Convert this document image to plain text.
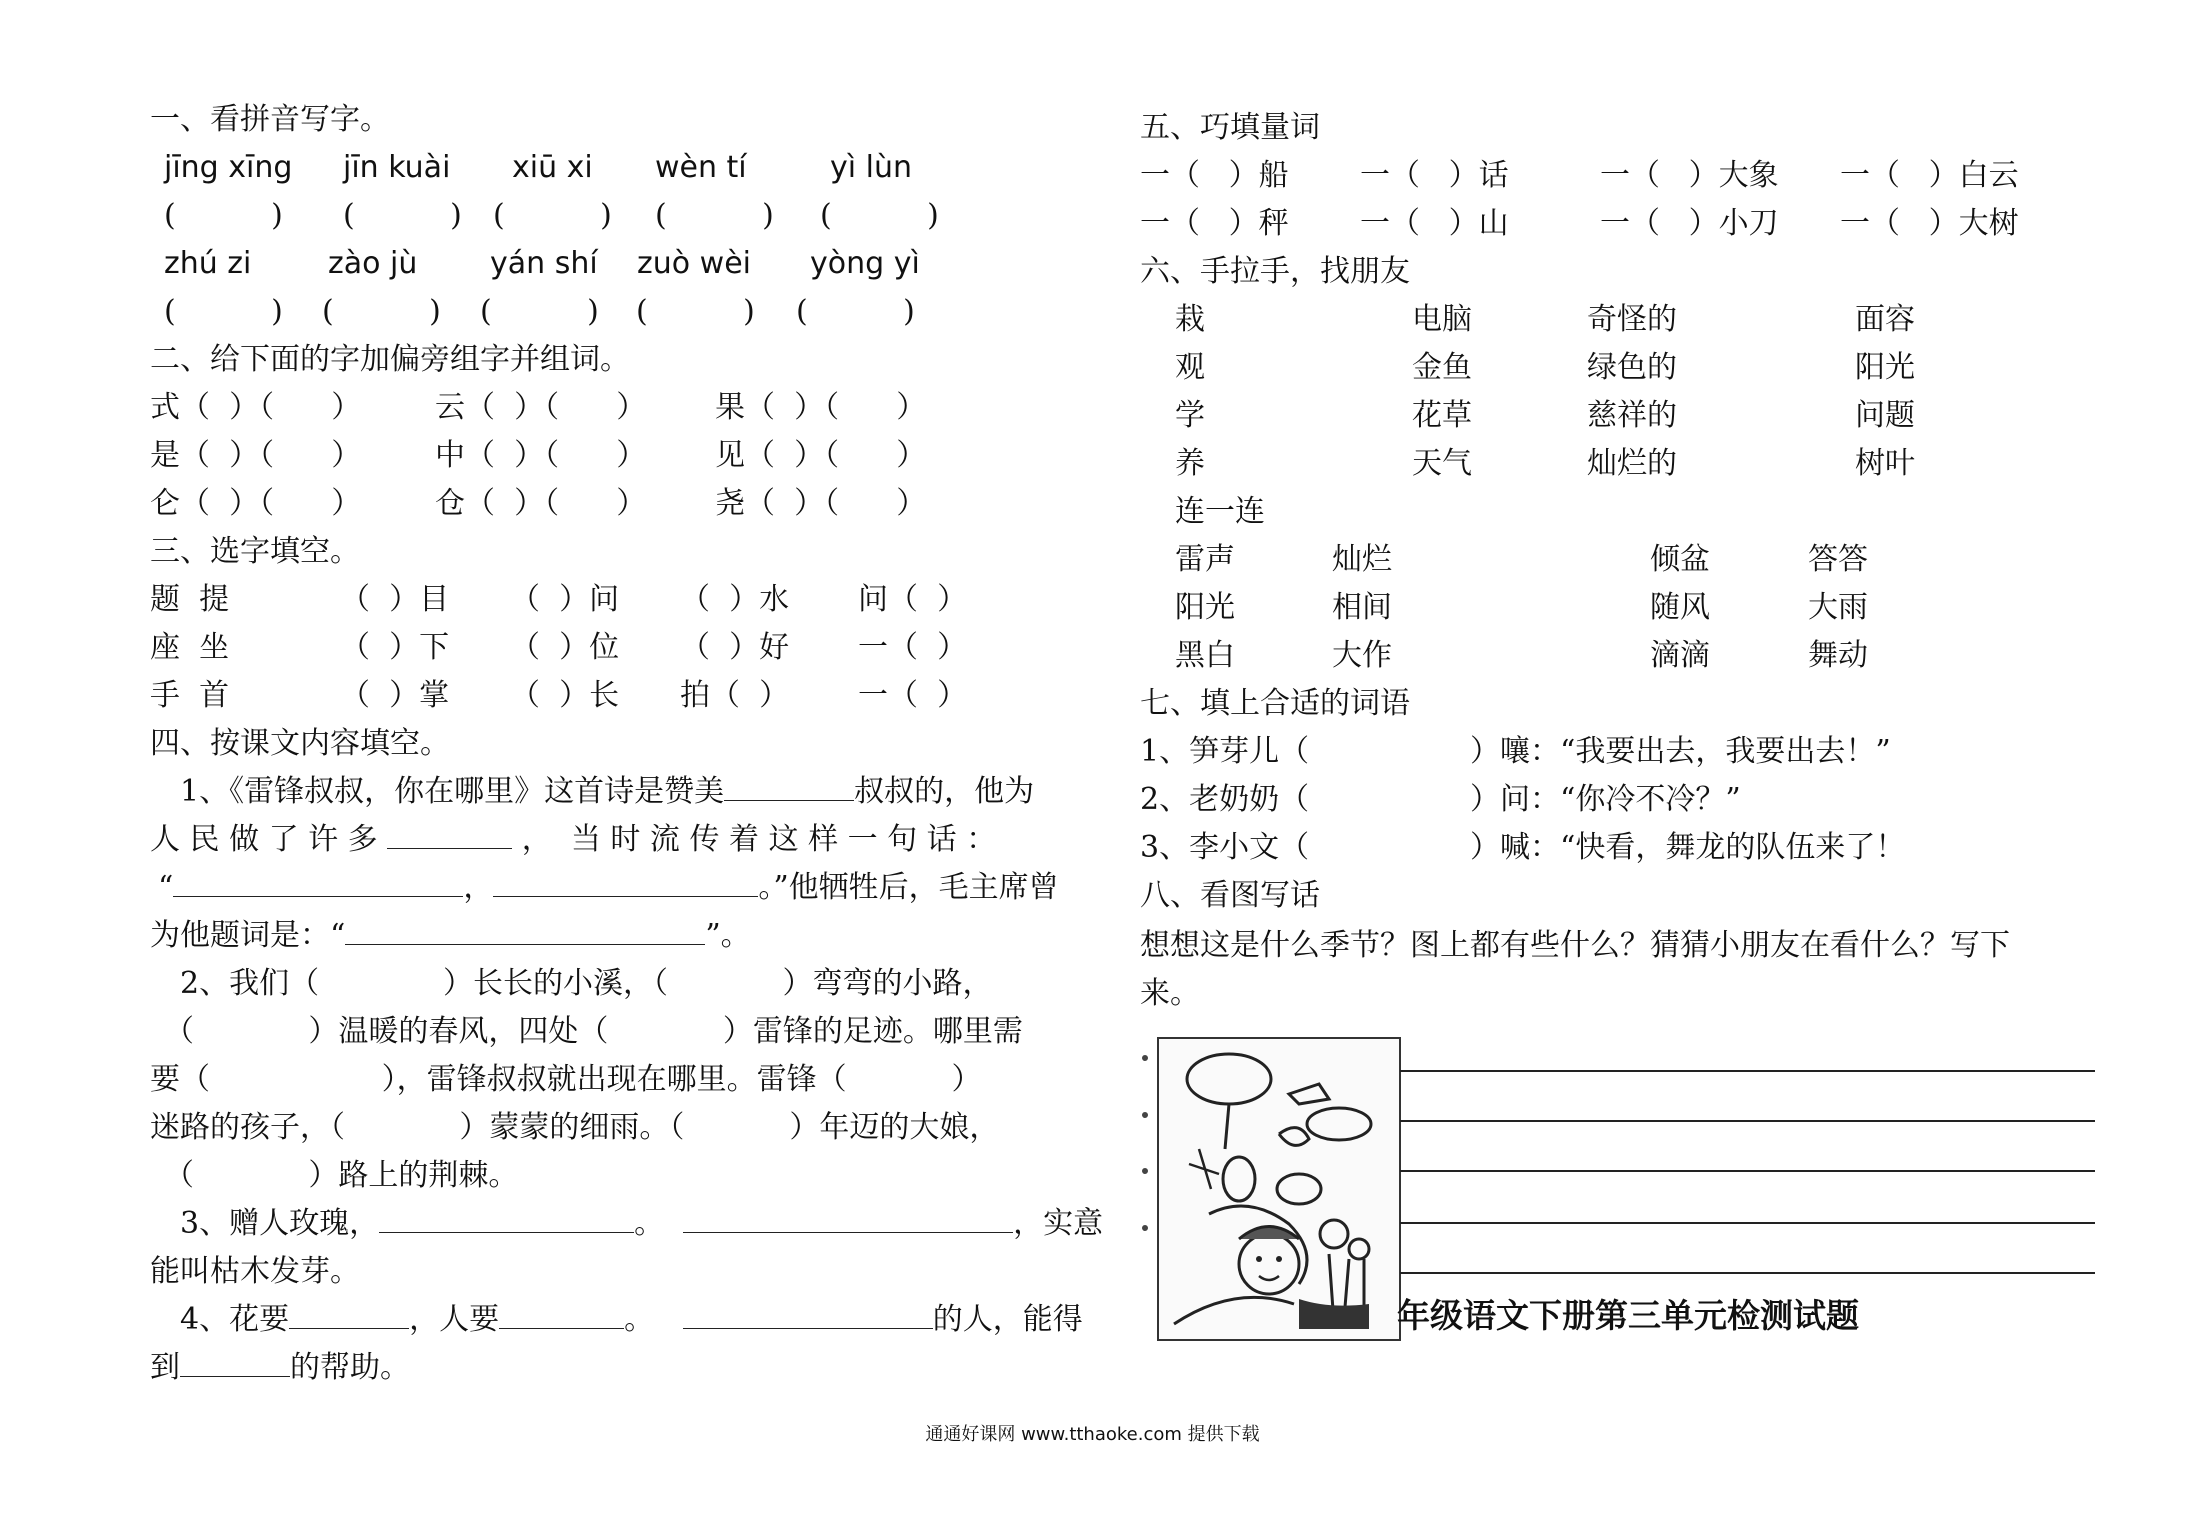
一、看拼音写字。
jīng xīng jīn kuài xiū xi wèn tí	yì lùn
(          ) (          ) (          ) (          ) (          )
zhú zi	zào jù yán shí zuò wèi yòng yì
(          ) (          ) (          ) (          ) (          )
二、给下面的字加偏旁组字并组词。
式（  ）（      ） 云（  ）（      ） 果（  ）（      ）
是（  ）（      ） 中（  ）（      ） 见（  ）（      ）
仑（  ）（      ） 仓（  ）（      ） 尧（  ）（      ）
三、选字填空。
题  提	（  ）目 （  ）问 （  ）水 问（  ）
座  坐	（  ）下 （  ）位 （  ）好 一（  ）
手  首	（  ）掌 （  ）长 拍（  ） 一（  ）
四、按课文内容填空。
1、《雷锋叔叔，你在哪里》这首诗是赞美	叔叔的，他为
人 民 做 了 许 多	，  当 时 流 传 着 这 样 一 句 话 ：
“	，	。”他牺牲后，毛主席曾
为他题词是：“	”。
2、我们（             ）长长的小溪，（            ）弯弯的小路，
（            ）温暖的春风，四处（            ）雷锋的足迹。哪里需
要（                  ），雷锋叔叔就出现在哪里。雷锋（           ）
迷路的孩子，（            ）蒙蒙的细雨。（           ）年迈的大娘，
（            ）路上的荆棘。
3、赠人玫瑰，	。	，实意
能叫枯木发芽。
4、花要	，人要	。	的人，能得
到	的帮助。
五、巧填量词
一（   ）船 一（   ）话	一（   ）大象 一（   ）白云
一（   ）秤 一（   ）山	一（   ）小刀 一（   ）大树
六、手拉手，找朋友
栽	电脑	奇怪的	面容
观	金鱼	绿色的	阳光
学	花草	慈祥的	问题
养	天气	灿烂的	树叶
连一连
雷声	灿烂	倾盆	答答
阳光	相间	随风	大雨
黑白	大作	滴滴	舞动
七、填上合适的词语
1、笋芽儿（	）嚷：“我要出去，我要出去！”
2、老奶奶（	）问：“你冷不冷？”
3、李小文（	）喊：“快看，舞龙的队伍来了！
八、看图写话
想想这是什么季节？图上都有些什么？猜猜小朋友在看什么？写下
来。
年级语文下册第三单元检测试题
通通好课网 www.tthaoke.com 提供下载
